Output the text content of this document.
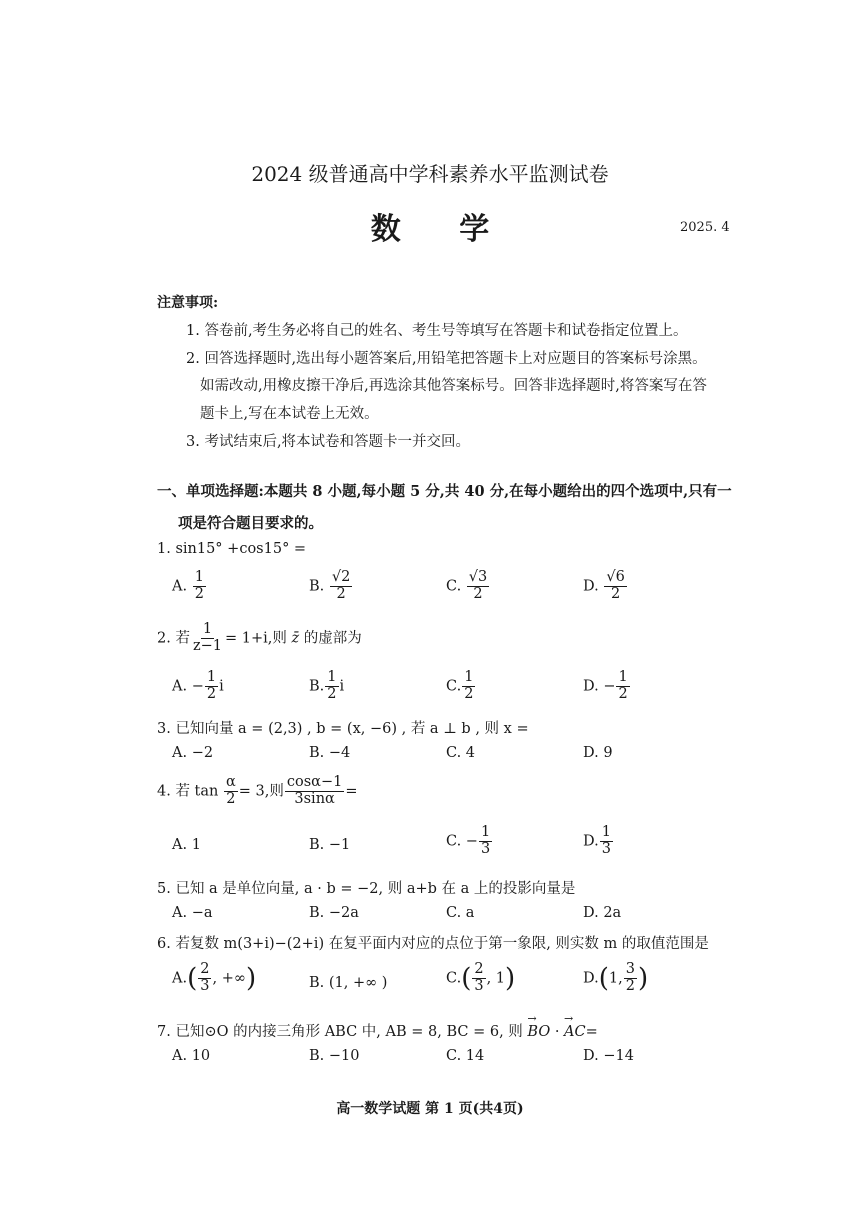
2024 级普通高中学科素养水平监测试卷
数 学	2025. 4
注意事项:
1. 答卷前,考生务必将自己的姓名、考生号等填写在答题卡和试卷指定位置上。
2. 回答选择题时,选出每小题答案后,用铅笔把答题卡上对应题目的答案标号涂黑。
如需改动,用橡皮擦干净后,再选涂其他答案标号。回答非选择题时,将答案写在答
题卡上,写在本试卷上无效。
3. 考试结束后,将本试卷和答题卡一并交回。
一、单项选择题:本题共 8 小题,每小题 5 分,共 40 分,在每小题给出的四个选项中,只有一
项是符合题目要求的。
1. sin15° +cos15° =
A. $\frac{1}{2}$	B. $\frac{√2}{2}$	C. $\frac{√3}{2}$	D. $\frac{√6}{2}$
2. 若 $\frac{1}{z-1} = 1+i$,则 z̄ 的虚部为
A. − $\frac{1}{2}$ i	B. $\frac{1}{2}$ i	C. $\frac{1}{2}$	D. − $\frac{1}{2}$
3. 已知向量 a = (2,3) , b = (x, −6) , 若 a ⊥ b , 则 x =
A. −2	B. −4	C. 4	D. 9
4. 若 $\tan \frac{\alpha}{2} = 3$,则 $\frac{\cos\alpha-1}{3\sin\alpha}$ =
A. 1	B. −1	C. − $\frac{1}{3}$	D. $\frac{1}{3}$
5. 已知 a 是单位向量, a · b = −2, 则 a+b 在 a 上的投影向量是
A. −a	B. −2a	C. a	D. 2a
6. 若复数 m(3+i)−(2+i) 在复平面内对应的点位于第一象限, 则实数 m 的取值范围是
$A.( \frac{2}{3}$ , +∞)	B. (1, +∞ )	$C.( \frac{2}{3}$ , 1)	D.(1, $\frac{3}{2}$ )
7. 已知⊙O 的内接三角形 ABC 中, AB = 8, BC = 6, 则 → BO · → AC=
A. 10	B. −10	C. 14	D. −14
高一数学试题 第 1 页(共4页)
